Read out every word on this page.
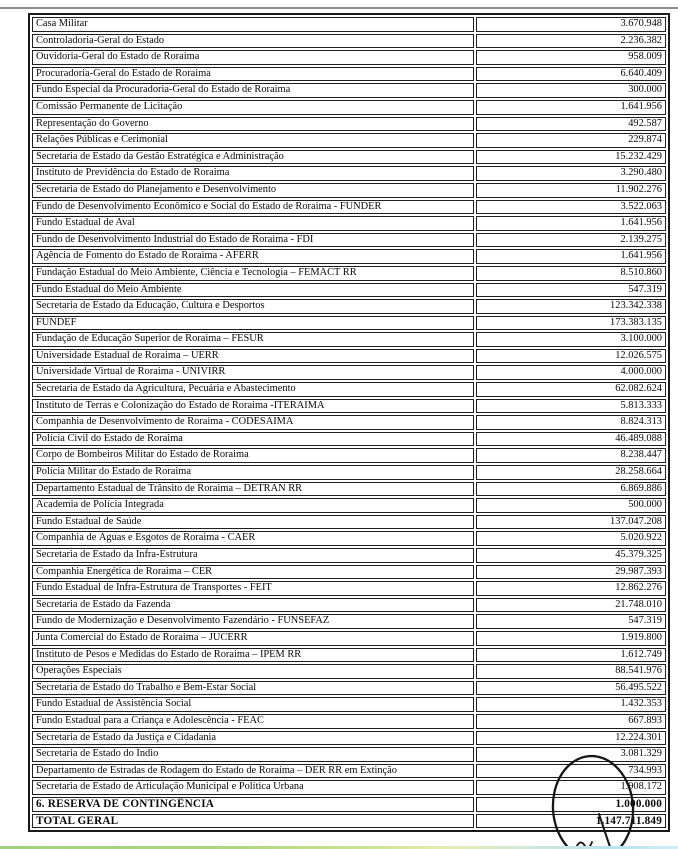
Casa Militar	3.670.948
Controladoria-Geral do Estado	2.236.382
Ouvidoria-Geral do Estado de Roraima	958.009
Procuradoria-Geral do Estado de Roraima	6.640.409
Fundo Especial da Procuradoria-Geral do Estado de Roraima	300.000
Comissão Permanente de Licitação	1.641.956
Representação do Governo	492.587
Relações Públicas e Cerimonial	229.874
Secretaria de Estado da Gestão Estratégica e Administração	15.232.429
Instituto de Previdência do Estado de Roraima	3.290.480
Secretaria de Estado do Planejamento e Desenvolvimento	11.902.276
Fundo de Desenvolvimento Econômico e Social do Estado de Roraima - FUNDER	3.522.063
Fundo Estadual de Aval	1.641.956
Fundo de Desenvolvimento Industrial do Estado de Roraima - FDI	2.139.275
Agência de Fomento do Estado de Roraima - AFERR	1.641.956
Fundação Estadual do Meio Ambiente, Ciência e Tecnologia – FEMACT RR	8.510.860
Fundo Estadual do Meio Ambiente	547.319
Secretaria de Estado da Educação, Cultura e Desportos	123.342.338
FUNDEF	173.383.135
Fundação de Educação Superior de Roraima – FESUR	3.100.000
Universidade Estadual de Roraima – UERR	12.026.575
Universidade Virtual de Roraima - UNIVIRR	4.000.000
Secretaria de Estado da Agricultura, Pecuária e Abastecimento	62.082.624
Instituto de Terras e Colonização do Estado de Roraima -ITERAIMA	5.813.333
Companhia de Desenvolvimento de Roraima - CODESAIMA	8.824.313
Polícia Civil do Estado de Roraima	46.489.088
Corpo de Bombeiros Militar do Estado de Roraima	8.238.447
Polícia Militar do Estado de Roraima	28.258.664
Departamento Estadual de Trânsito de Roraima – DETRAN RR	6.869.886
Academia de Polícia Integrada	500.000
Fundo Estadual de Saúde	137.047.208
Companhia de Águas e Esgotos de Roraima - CAER	5.020.922
Secretaria de Estado da Infra-Estrutura	45.379.325
Companhia Energética de Roraima – CER	29.987.393
Fundo Estadual de Infra-Estrutura de Transportes - FEIT	12.862.276
Secretaria de Estado da Fazenda	21.748.010
Fundo de Modernização e Desenvolvimento Fazendário - FUNSEFAZ	547.319
Junta Comercial do Estado de Roraima – JUCERR	1.919.800
Instituto de Pesos e Medidas do Estado de Roraima – IPEM RR	1.612.749
Operações Especiais	88.541.976
Secretaria de Estado do Trabalho e Bem-Estar Social	56.495.522
Fundo Estadual de Assistência Social	1.432.353
Fundo Estadual para a Criança e Adolescência - FEAC	667.893
Secretaria de Estado da Justiça e Cidadania	12.224.301
Secretaria de Estado do Índio	3.081.329
Departamento de Estradas de Rodagem do Estado de Roraima – DER RR em Extinção	734.993
Secretaria de Estado de Articulação Municipal e Política Urbana	1.908.172
6. RESERVA DE CONTINGÊNCIA	1.000.000
TOTAL GERAL	1.147.711.849
